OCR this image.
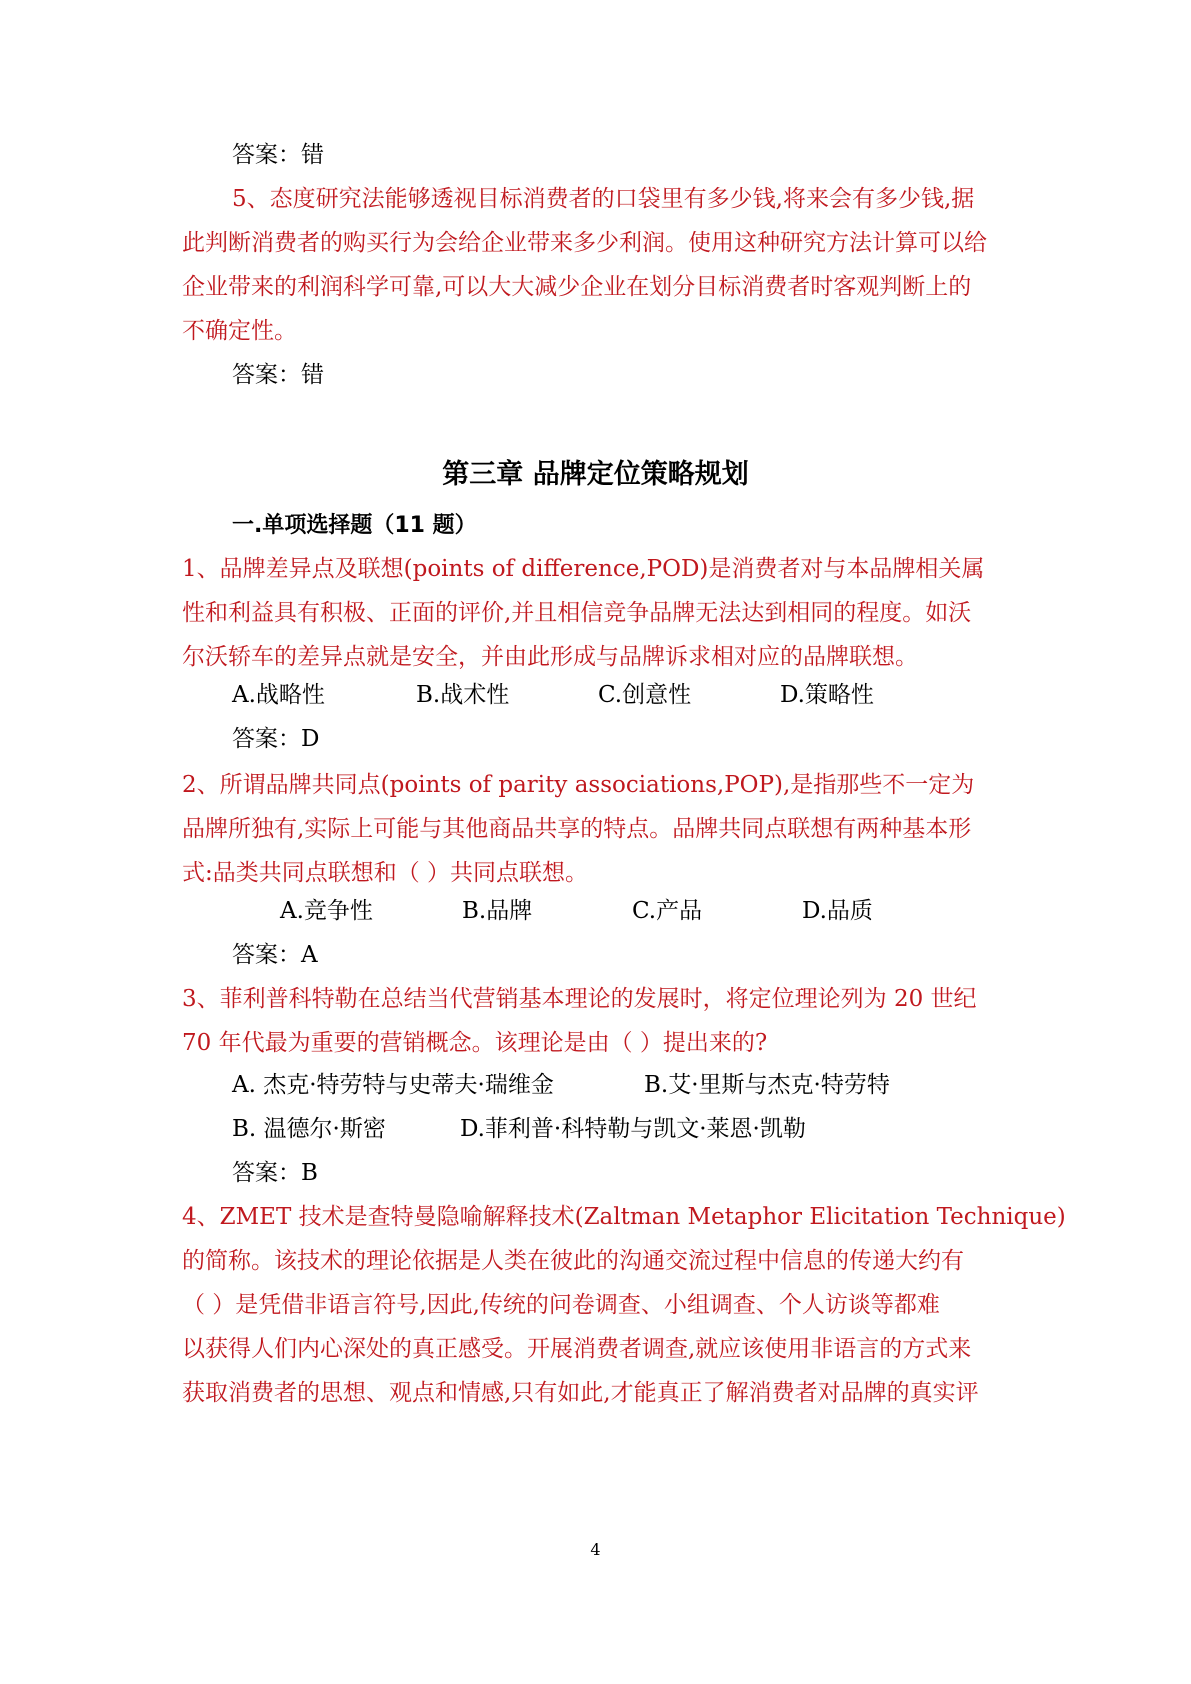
答案：错
5、态度研究法能够透视目标消费者的口袋里有多少钱,将来会有多少钱,据
此判断消费者的购买行为会给企业带来多少利润。使用这种研究方法计算可以给
企业带来的利润科学可靠,可以大大减少企业在划分目标消费者时客观判断上的
不确定性。
答案：错
第三章 品牌定位策略规划
一.单项选择题（11 题）
1、品牌差异点及联想(points of difference,POD)是消费者对与本品牌相关属
性和利益具有积极、正面的评价,并且相信竞争品牌无法达到相同的程度。如沃
尔沃轿车的差异点就是安全，并由此形成与品牌诉求相对应的品牌联想。
A.战略性	B.战术性	C.创意性	D.策略性
答案：D
2、所谓品牌共同点(points of parity associations,POP),是指那些不一定为
品牌所独有,实际上可能与其他商品共享的特点。品牌共同点联想有两种基本形
式:品类共同点联想和（ ）共同点联想。
A.竞争性	B.品牌	C.产品	D.品质
答案：A
3、菲利普科特勒在总结当代营销基本理论的发展时，将定位理论列为 20 世纪
70 年代最为重要的营销概念。该理论是由（ ）提出来的?
A. 杰克·特劳特与史蒂夫·瑞维金	B.艾·里斯与杰克·特劳特
B. 温德尔·斯密	D.菲利普·科特勒与凯文·莱恩·凯勒
答案：B
4、ZMET 技术是查特曼隐喻解释技术(Zaltman Metaphor Elicitation Technique)
的简称。该技术的理论依据是人类在彼此的沟通交流过程中信息的传递大约有
（ ）是凭借非语言符号,因此,传统的问卷调查、小组调查、个人访谈等都难
以获得人们内心深处的真正感受。开展消费者调查,就应该使用非语言的方式来
获取消费者的思想、观点和情感,只有如此,才能真正了解消费者对品牌的真实评
4
